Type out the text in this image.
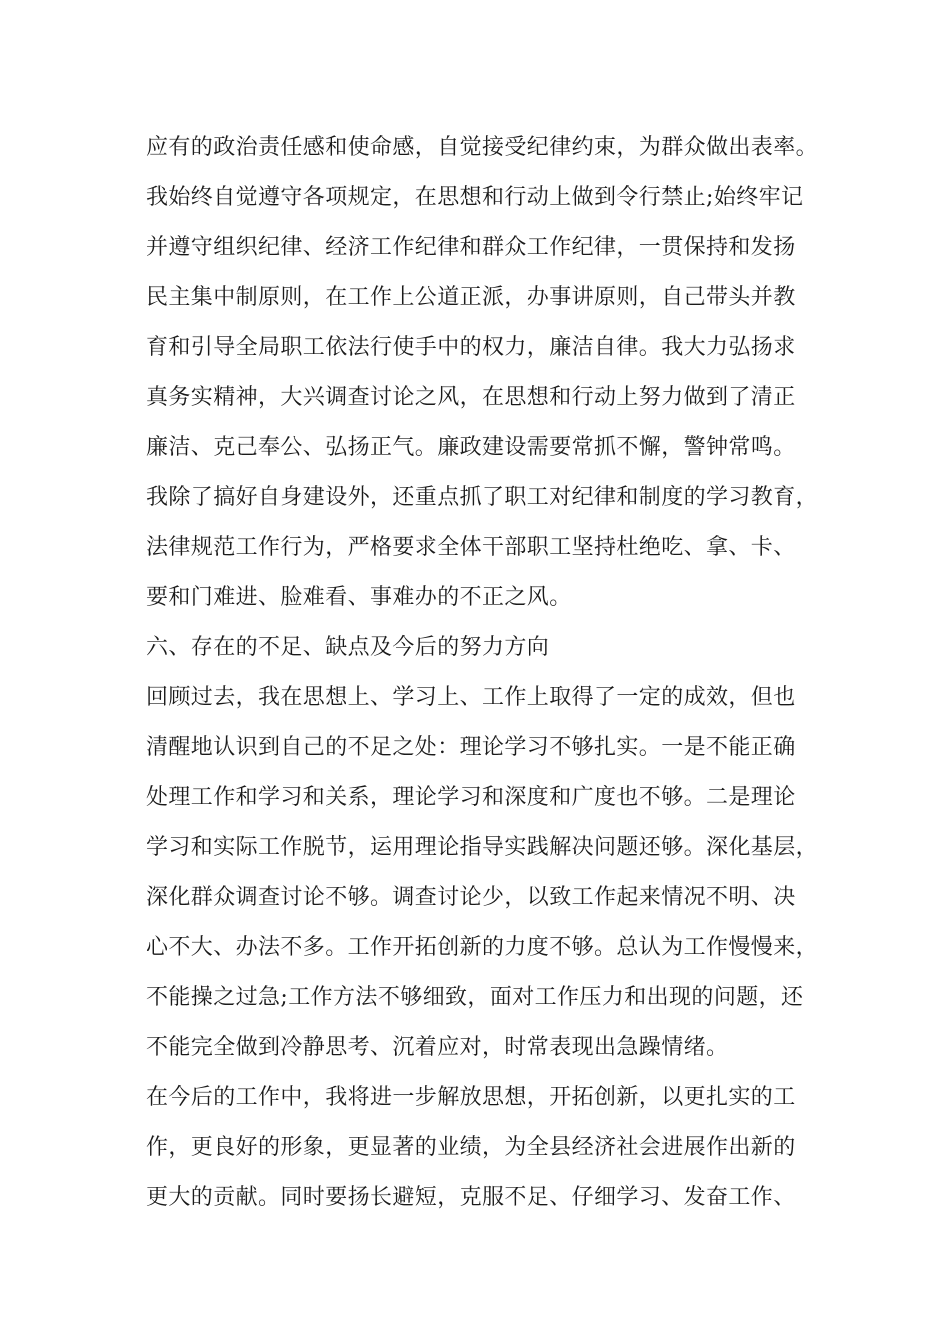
应有的政治责任感和使命感，自觉接受纪律约束，为群众做出表率。
我始终自觉遵守各项规定，在思想和行动上做到令行禁止;始终牢记
并遵守组织纪律、经济工作纪律和群众工作纪律，一贯保持和发扬
民主集中制原则，在工作上公道正派，办事讲原则，自己带头并教
育和引导全局职工依法行使手中的权力，廉洁自律。我大力弘扬求
真务实精神，大兴调查讨论之风，在思想和行动上努力做到了清正
廉洁、克己奉公、弘扬正气。廉政建设需要常抓不懈，警钟常鸣。
我除了搞好自身建设外，还重点抓了职工对纪律和制度的学习教育，
法律规范工作行为，严格要求全体干部职工坚持杜绝吃、拿、卡、
要和门难进、脸难看、事难办的不正之风。
六、存在的不足、缺点及今后的努力方向
回顾过去，我在思想上、学习上、工作上取得了一定的成效，但也
清醒地认识到自己的不足之处：理论学习不够扎实。一是不能正确
处理工作和学习和关系，理论学习和深度和广度也不够。二是理论
学习和实际工作脱节，运用理论指导实践解决问题还够。深化基层，
深化群众调查讨论不够。调查讨论少，以致工作起来情况不明、决
心不大、办法不多。工作开拓创新的力度不够。总认为工作慢慢来，
不能操之过急;工作方法不够细致，面对工作压力和出现的问题，还
不能完全做到冷静思考、沉着应对，时常表现出急躁情绪。
在今后的工作中，我将进一步解放思想，开拓创新，以更扎实的工
作，更良好的形象，更显著的业绩，为全县经济社会进展作出新的
更大的贡献。同时要扬长避短，克服不足、仔细学习、发奋工作、
